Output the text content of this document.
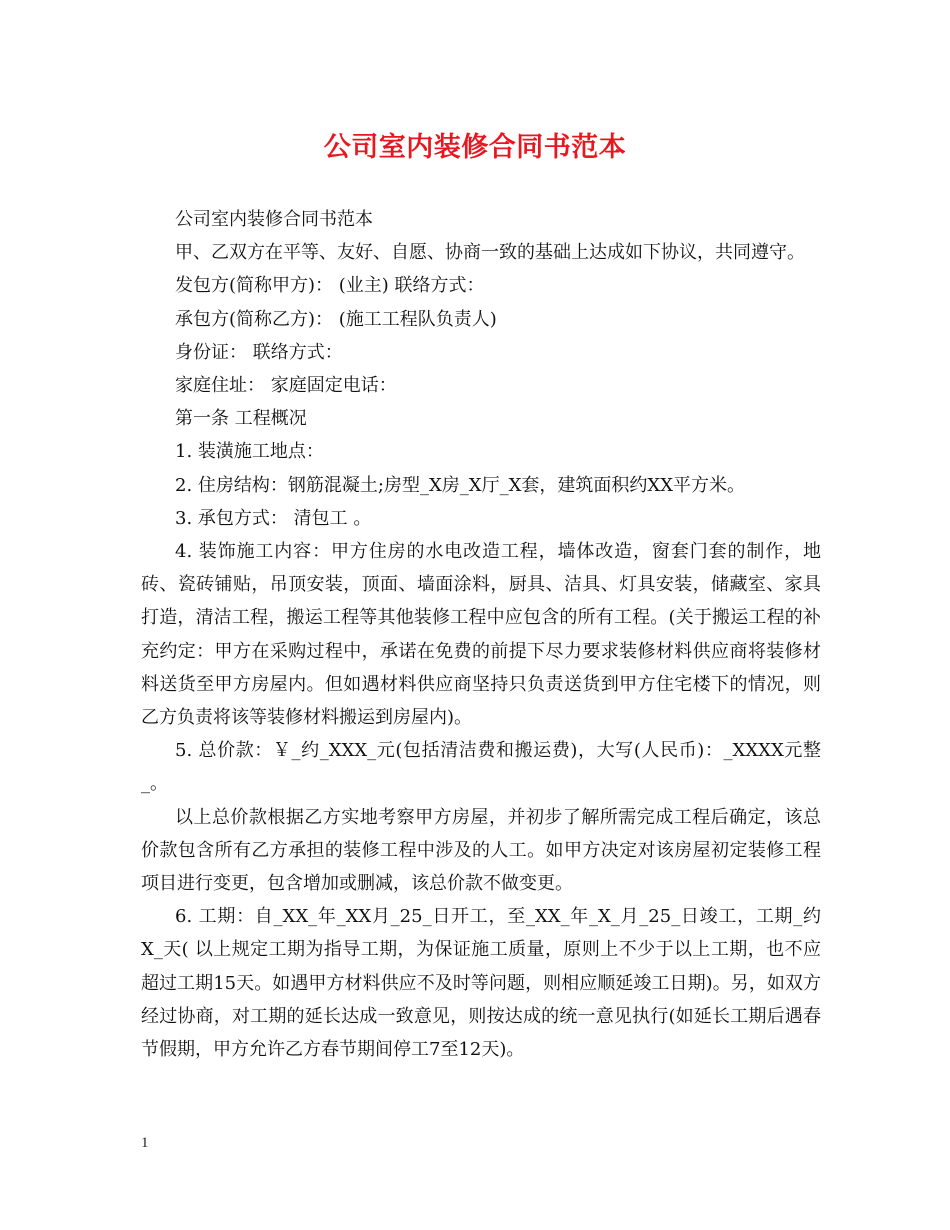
公司室内装修合同书范本

公司室内装修合同书范本

甲、乙双方在平等、友好、自愿、协商一致的基础上达成如下协议，共同遵守。

发包方(简称甲方)： (业主) 联络方式：

承包方(简称乙方)： (施工工程队负责人)

身份证： 联络方式：

家庭住址： 家庭固定电话：

第一条 工程概况

1. 装潢施工地点：

2. 住房结构：钢筋混凝土;房型_X房_X厅_X套，建筑面积约XX平方米。

3. 承包方式： 清包工 。

4. 装饰施工内容：甲方住房的水电改造工程，墙体改造，窗套门套的制作，地砖、瓷砖铺贴，吊顶安装，顶面、墙面涂料，厨具、洁具、灯具安装，储藏室、家具打造，清洁工程，搬运工程等其他装修工程中应包含的所有工程。(关于搬运工程的补充约定：甲方在采购过程中，承诺在免费的前提下尽力要求装修材料供应商将装修材料送货至甲方房屋内。但如遇材料供应商坚持只负责送货到甲方住宅楼下的情况，则乙方负责将该等装修材料搬运到房屋内)。

5. 总价款：￥_约_XXX_元(包括清洁费和搬运费)，大写(人民币)：_XXXX元整_。

以上总价款根据乙方实地考察甲方房屋，并初步了解所需完成工程后确定，该总价款包含所有乙方承担的装修工程中涉及的人工。如甲方决定对该房屋初定装修工程项目进行变更，包含增加或删减，该总价款不做变更。

6. 工期：自_XX_年_XX月_25_日开工，至_XX_年_X_月_25_日竣工，工期_约X_天( 以上规定工期为指导工期，为保证施工质量，原则上不少于以上工期，也不应超过工期15天。如遇甲方材料供应不及时等问题，则相应顺延竣工日期)。另，如双方经过协商，对工期的延长达成一致意见，则按达成的统一意见执行(如延长工期后遇春节假期，甲方允许乙方春节期间停工7至12天)。

1
